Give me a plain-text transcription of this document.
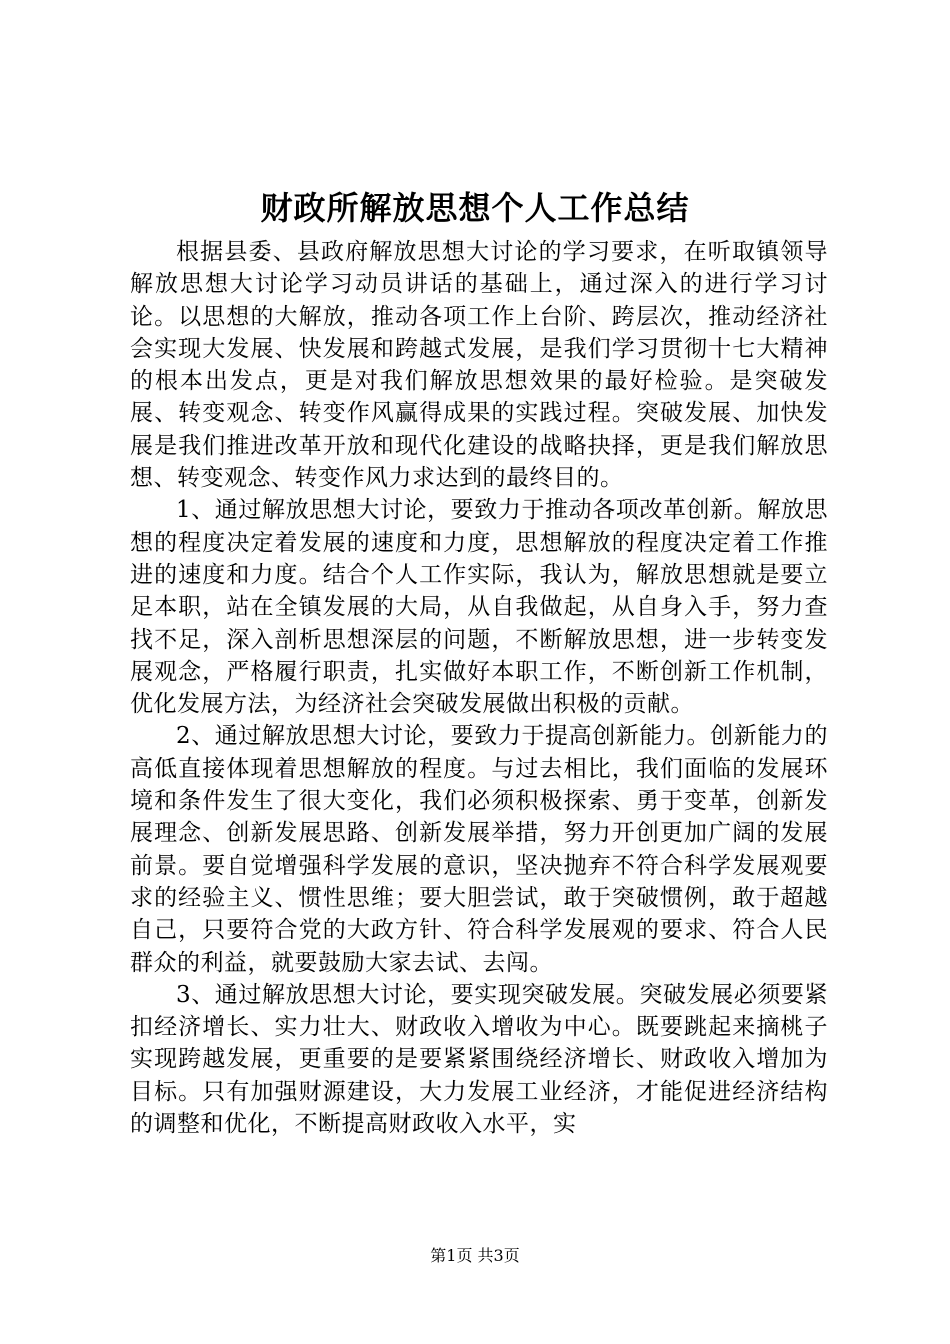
财政所解放思想个人工作总结

根据县委、县政府解放思想大讨论的学习要求，在听取镇领导解放思想大讨论学习动员讲话的基础上，通过深入的进行学习讨论。以思想的大解放，推动各项工作上台阶、跨层次，推动经济社会实现大发展、快发展和跨越式发展，是我们学习贯彻十七大精神的根本出发点，更是对我们解放思想效果的最好检验。是突破发展、转变观念、转变作风赢得成果的实践过程。突破发展、加快发展是我们推进改革开放和现代化建设的战略抉择，更是我们解放思想、转变观念、转变作风力求达到的最终目的。

1、通过解放思想大讨论，要致力于推动各项改革创新。解放思想的程度决定着发展的速度和力度，思想解放的程度决定着工作推进的速度和力度。结合个人工作实际，我认为，解放思想就是要立足本职，站在全镇发展的大局，从自我做起，从自身入手，努力查找不足，深入剖析思想深层的问题，不断解放思想，进一步转变发展观念，严格履行职责，扎实做好本职工作，不断创新工作机制，优化发展方法，为经济社会突破发展做出积极的贡献。

2、通过解放思想大讨论，要致力于提高创新能力。创新能力的高低直接体现着思想解放的程度。与过去相比，我们面临的发展环境和条件发生了很大变化，我们必须积极探索、勇于变革，创新发展理念、创新发展思路、创新发展举措，努力开创更加广阔的发展前景。要自觉增强科学发展的意识，坚决抛弃不符合科学发展观要求的经验主义、惯性思维；要大胆尝试，敢于突破惯例，敢于超越自己，只要符合党的大政方针、符合科学发展观的要求、符合人民群众的利益，就要鼓励大家去试、去闯。

3、通过解放思想大讨论，要实现突破发展。突破发展必须要紧扣经济增长、实力壮大、财政收入增收为中心。既要跳起来摘桃子实现跨越发展，更重要的是要紧紧围绕经济增长、财政收入增加为目标。只有加强财源建设，大力发展工业经济，才能促进经济结构的调整和优化，不断提高财政收入水平，实

第1页 共3页
